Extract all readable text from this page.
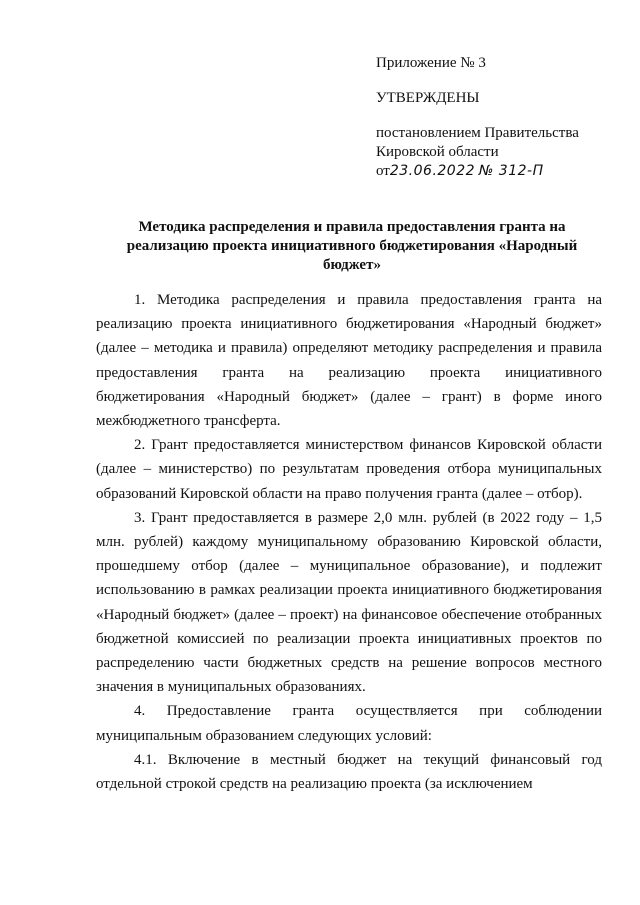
Приложение № 3
УТВЕРЖДЕНЫ
постановлением Правительства
Кировской области
от23.06.2022 № 312-П
Методика распределения и правила предоставления гранта на реализацию проекта инициативного бюджетирования «Народный бюджет»

1. Методика распределения и правила предоставления гранта на реализацию проекта инициативного бюджетирования «Народный бюджет» (далее – методика и правила) определяют методику распределения и правила предоставления гранта на реализацию проекта инициативного бюджетирования «Народный бюджет» (далее – грант) в форме иного межбюджетного трансферта.

2. Грант предоставляется министерством финансов Кировской области (далее – министерство) по результатам проведения отбора муниципальных образований Кировской области на право получения гранта (далее – отбор).

3. Грант предоставляется в размере 2,0 млн. рублей (в 2022 году – 1,5 млн. рублей) каждому муниципальному образованию Кировской области, прошедшему отбор (далее – муниципальное образование), и подлежит использованию в рамках реализации проекта инициативного бюджетирования «Народный бюджет» (далее – проект) на финансовое обеспечение отобранных бюджетной комиссией по реализации проекта инициативных проектов по распределению части бюджетных средств на решение вопросов местного значения в муниципальных образованиях.

4. Предоставление гранта осуществляется при соблюдении муниципальным образованием следующих условий:

4.1. Включение в местный бюджет на текущий финансовый год отдельной строкой средств на реализацию проекта (за исключением
